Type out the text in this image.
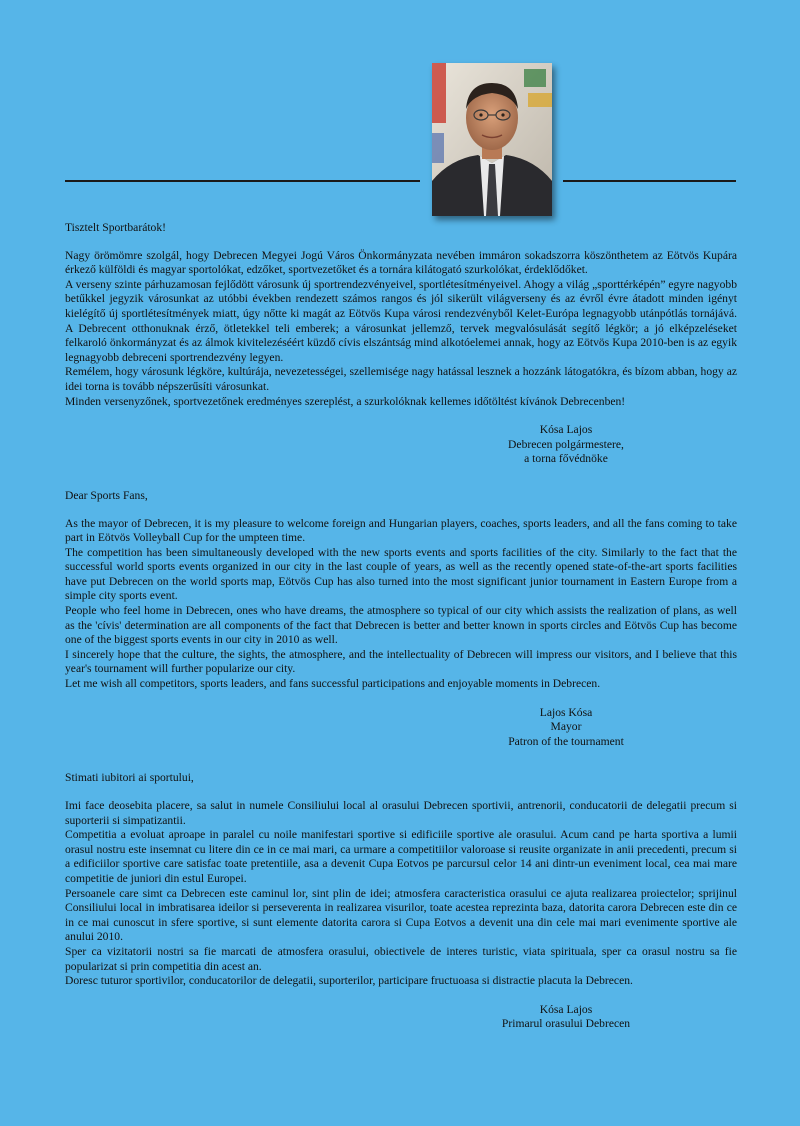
Tisztelt Sportbarátok!

Nagy örömömre szolgál, hogy Debrecen Megyei Jogú Város Önkormányzata nevében immáron sokadszorra köszönthetem az Eötvös Kupára érkező külföldi és magyar sportolókat, edzőket, sportvezetőket és a tornára kilátogató szurkolókat, érdeklődőket.

A verseny szinte párhuzamosan fejlődött városunk új sportrendezvényeivel, sportlétesítményeivel. Ahogy a világ „sporttérképén” egyre nagyobb betűkkel jegyzik városunkat az utóbbi években rendezett számos rangos és jól sikerült világverseny és az évről évre átadott minden igényt kielégítő új sportlétesítmények miatt, úgy nőtte ki magát az Eötvös Kupa városi rendezvényből Kelet-Európa legnagyobb utánpótlás tornájává. A Debrecent otthonuknak érző, ötletekkel teli emberek; a városunkat jellemző, tervek megvalósulását segítő légkör; a jó elképzeléseket felkaroló önkormányzat és az álmok kivitelezéséért küzdő cívis elszántság mind alkotóelemei annak, hogy az Eötvös Kupa 2010-ben is az egyik legnagyobb debreceni sportrendezvény legyen.

Remélem, hogy városunk légköre, kultúrája, nevezetességei, szellemisége nagy hatással lesznek a hozzánk látogatókra, és bízom abban, hogy az idei torna is tovább népszerűsíti városunkat.

Minden versenyzőnek, sportvezetőnek eredményes szereplést, a szurkolóknak kellemes időtöltést kívánok Debrecenben!

Kósa Lajos
Debrecen polgármestere,
a torna fővédnöke

Dear Sports Fans,

As the mayor of Debrecen, it is my pleasure to welcome foreign and Hungarian players, coaches, sports leaders, and all the fans coming to take part in Eötvös Volleyball Cup for the umpteen time.

The competition has been simultaneously developed with the new sports events and sports facilities of the city. Similarly to the fact that the successful world sports events organized in our city in the last couple of years, as well as the recently opened state-of-the-art sports facilities have put Debrecen on the world sports map, Eötvös Cup has also turned into the most significant junior tournament in Eastern Europe from a simple city sports event.

People who feel home in Debrecen, ones who have dreams, the atmosphere so typical of our city which assists the realization of plans, as well as the 'cívis' determination are all components of the fact that Debrecen is better and better known in sports circles and Eötvös Cup has become one of the biggest sports events in our city in 2010 as well.

I sincerely hope that the culture, the sights, the atmosphere, and the intellectuality of Debrecen will impress our visitors, and I believe that this year's tournament will further popularize our city.

Let me wish all competitors, sports leaders, and fans successful participations and enjoyable moments in Debrecen.

Lajos Kósa
Mayor
Patron of the tournament

Stimati iubitori ai sportului,

Imi face deosebita placere, sa salut in numele Consiliului local al orasului Debrecen sportivii, antrenorii, conducatorii de delegatii precum si suporterii si simpatizantii.

Competitia a evoluat aproape in paralel cu noile manifestari sportive si edificiile sportive ale orasului. Acum cand pe harta sportiva a lumii orasul nostru este insemnat cu litere din ce in ce mai mari, ca urmare a competitiilor valoroase si reusite organizate in anii precedenti, precum si a edificiilor sportive care satisfac toate pretentiile, asa a devenit Cupa Eotvos pe parcursul celor 14 ani dintr-un eveniment local, cea mai mare competitie de juniori din estul Europei.

Persoanele care simt ca Debrecen este caminul lor, sint plin de idei; atmosfera caracteristica orasului ce ajuta realizarea proiectelor; sprijinul Consiliului local in imbratisarea ideilor si perseverenta in realizarea visurilor, toate acestea reprezinta baza, datorita carora Debrecen este din ce in ce mai cunoscut in sfere sportive, si sunt elemente datorita carora si Cupa Eotvos a devenit una din cele mai mari evenimente sportive ale anului 2010.

Sper ca vizitatorii nostri sa fie marcati de atmosfera orasului, obiectivele de interes turistic, viata spirituala, sper ca orasul nostru sa fie popularizat si prin competitia din acest an.

Doresc tuturor sportivilor, conducatorilor de delegatii, suporterilor, participare fructuoasa si distractie placuta la Debrecen.

Kósa Lajos
Primarul orasului Debrecen
